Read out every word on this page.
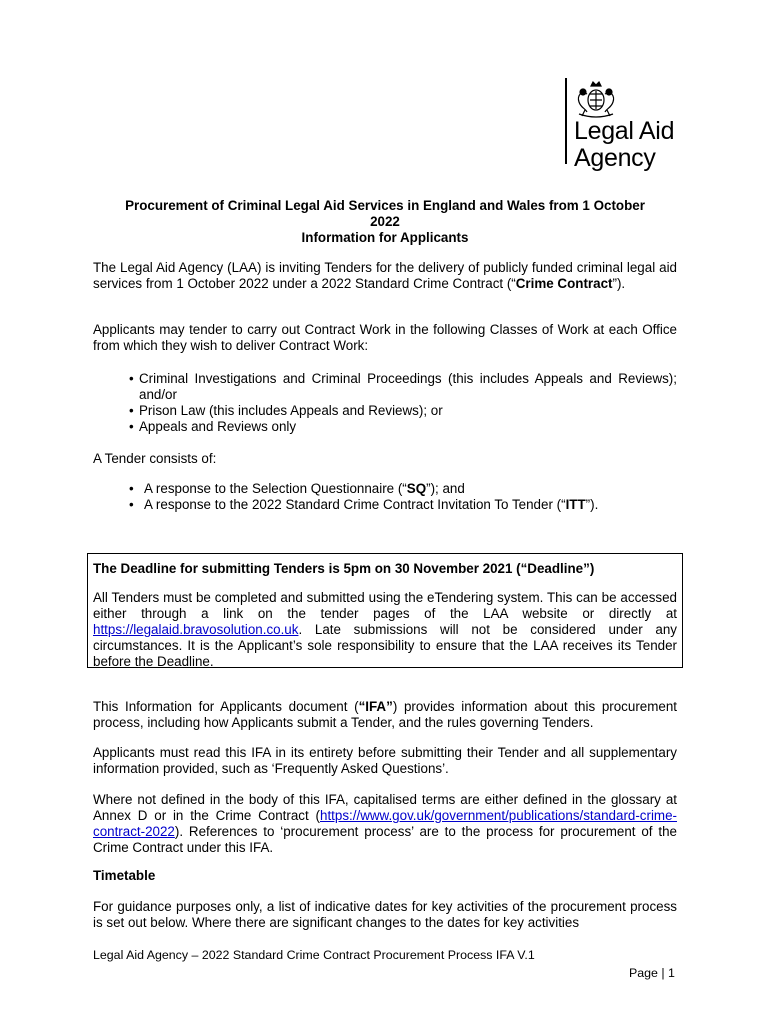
Legal Aid
Agency
Procurement of Criminal Legal Aid Services in England and Wales from 1 October
2022
Information for Applicants
The Legal Aid Agency (LAA) is inviting Tenders for the delivery of publicly funded criminal legal aid services from 1 October 2022 under a 2022 Standard Crime Contract (“Crime Contract”).
Applicants may tender to carry out Contract Work in the following Classes of Work at each Office from which they wish to deliver Contract Work:
• Criminal Investigations and Criminal Proceedings (this includes Appeals and Reviews); and/or
• Prison Law (this includes Appeals and Reviews); or
• Appeals and Reviews only
A Tender consists of:
• A response to the Selection Questionnaire (“SQ”); and
• A response to the 2022 Standard Crime Contract Invitation To Tender (“ITT”).
The Deadline for submitting Tenders is 5pm on 30 November 2021 (“Deadline”)
All Tenders must be completed and submitted using the eTendering system. This can be accessed either through a link on the tender pages of the LAA website or directly at https://legalaid.bravosolution.co.uk. Late submissions will not be considered under any circumstances. It is the Applicant’s sole responsibility to ensure that the LAA receives its Tender before the Deadline.
This Information for Applicants document (“IFA”) provides information about this procurement process, including how Applicants submit a Tender, and the rules governing Tenders.
Applicants must read this IFA in its entirety before submitting their Tender and all supplementary information provided, such as ‘Frequently Asked Questions’.
Where not defined in the body of this IFA, capitalised terms are either defined in the glossary at Annex D or in the Crime Contract (https://www.gov.uk/government/publications/standard-crime-contract-2022). References to ‘procurement process’ are to the process for procurement of the Crime Contract under this IFA.
Timetable
For guidance purposes only, a list of indicative dates for key activities of the procurement process is set out below. Where there are significant changes to the dates for key activities
Legal Aid Agency – 2022 Standard Crime Contract Procurement Process IFA V.1
Page | 1
